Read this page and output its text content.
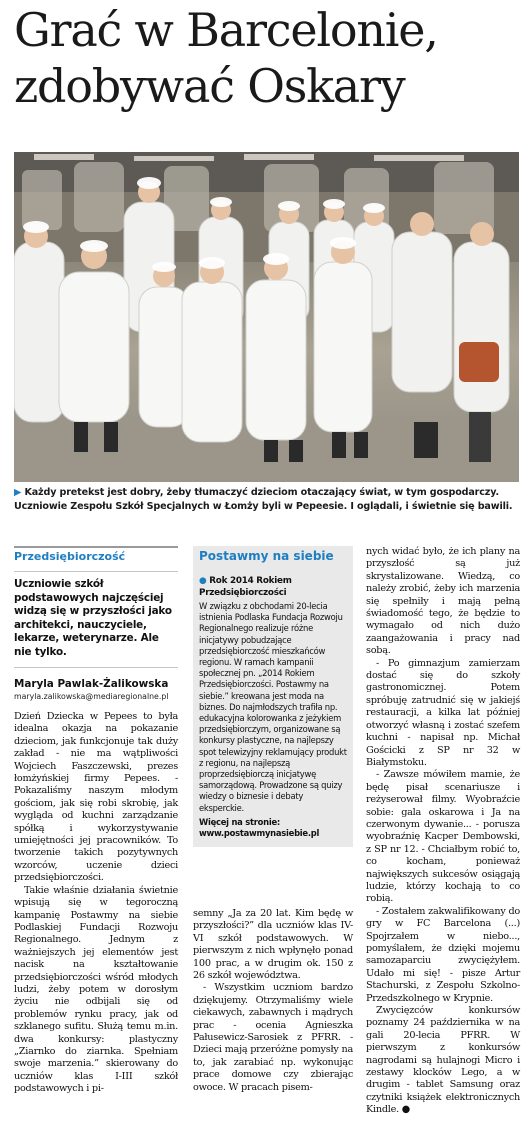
Grać w Barcelonie,
zdobywać Oskary

▶ Każdy pretekst jest dobry, żeby tłumaczyć dzieciom otaczający świat, w tym gospodarczy. Uczniowie Zespołu Szkół Specjalnych w Łomży byli w Pepeesie. I oglądali, i świetnie się bawili.

Przedsiębiorczość

Uczniowie szkół podstawowych najczęściej widzą się w przyszłości jako architekci, nauczyciele, lekarze, weterynarze. Ale nie tylko.

Maryla Pawlak-Żalikowska

maryla.zalikowska@mediaregionalne.pl

Dzień Dziecka w Pepees to była idealna okazja na pokazanie dzieciom, jak funkcjonuje tak duży zakład - nie ma wątpliwości Wojciech Faszczewski, prezes łomżyńskiej firmy Pepees. - Pokazaliśmy naszym młodym gościom, jak się robi skrobię, jak wygląda od kuchni zarządzanie spółką i wykorzystywanie umiejętności jej pracowników. To tworzenie takich pozytywnych wzorców, uczenie dzieci przedsiębiorczości.

Takie właśnie działania świetnie wpisują się w tegoroczną kampanię Postawmy na siebie Podlaskiej Fundacji Rozwoju Regionalnego. Jednym z ważniejszych jej elementów jest nacisk na kształtowanie przedsiębiorczości wśród młodych ludzi, żeby potem w dorosłym życiu nie odbijali się od problemów rynku pracy, jak od szklanego sufitu. Służą temu m.in. dwa konkursy: plastyczny „Ziarnko do ziarnka. Spełniam swoje marzenia.” skierowany do uczniów klas I-III szkół podstawowych i pi-

Postawmy na siebie

● Rok 2014 Rokiem Przedsiębiorczości

W związku z obchodami 20-lecia istnienia Podlaska Fundacja Rozwoju Regionalnego realizuje różne inicjatywy pobudzające przedsiębiorczość mieszkańców regionu. W ramach kampanii społecznej pn. „2014 Rokiem Przedsiębiorczości. Postawmy na siebie.” kreowana jest moda na biznes. Do najmłodszych trafiła np. edukacyjna kolorowanka z jeżykiem przedsiębiorczym, organizowane są konkursy plastyczne, na najlepszy spot telewizyjny reklamujący produkt z regionu, na najlepszą proprzedsiębiorczą inicjatywę samorządową. Prowadzone są quizy wiedzy o biznesie i debaty eksperckie.

Więcej na stronie:

www.postawmynasiebie.pl

semny „Ja za 20 lat. Kim będę w przyszłości?” dla uczniów klas IV-VI szkół podstawowych. W pierwszym z nich wpłynęło ponad 100 prac, a w drugim ok. 150 z 26 szkół województwa.

- Wszystkim uczniom bardzo dziękujemy. Otrzymaliśmy wiele ciekawych, zabawnych i mądrych prac - ocenia Agnieszka Pałusewicz-Sarosiek z PFRR. - Dzieci mają przeróżne pomysły na to, jak zarabiać np. wykonując prace domowe czy zbierając owoce. W pracach pisem-

nych widać było, że ich plany na przyszłość są już skrystalizowane. Wiedzą, co należy zrobić, żeby ich marzenia się spełniły i mają pełną świadomość tego, że będzie to wymagało od nich dużo zaangażowania i pracy nad sobą.

- Po gimnazjum zamierzam dostać się do szkoły gastronomicznej. Potem spróbuję zatrudnić się w jakiejś restauracji, a kilka lat później otworzyć własną i zostać szefem kuchni - napisał np. Michał Gościcki z SP nr 32 w Białymstoku.

- Zawsze mówiłem mamie, że będę pisał scenariusze i reżyserował filmy. Wyobraźcie sobie: gala oskarowa i Ja na czerwonym dywanie... - porusza wyobraźnię Kacper Dembowski, z SP nr 12. - Chciałbym robić to, co kocham, ponieważ największych sukcesów osiągają ludzie, którzy kochają to co robią.

- Zostałem zakwalifikowany do gry w FC Barcelona (...) Spojrzałem w niebo..., pomyślałem, że dzięki mojemu samozaparciu zwyciężyłem. Udało mi się! - pisze Artur Stachurski, z Zespołu Szkolno-Przedszkolnego w Krypnie.

Zwycięzców konkursów poznamy 24 października w na gali 20-lecia PFRR. W pierwszym z konkursów nagrodami są hulajnogi Micro i zestawy klocków Lego, a w drugim - tablet Samsung oraz czytniki książek elektronicznych Kindle. ●
